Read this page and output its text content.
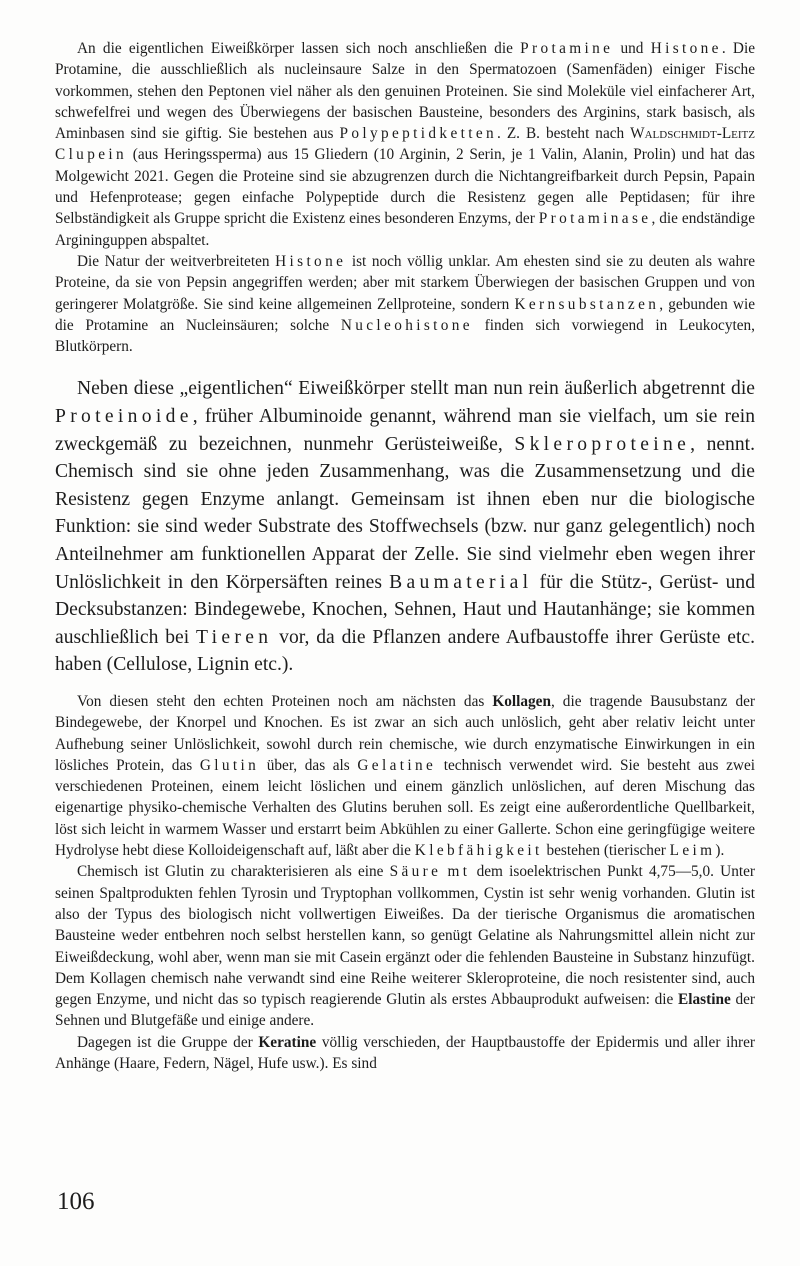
An die eigentlichen Eiweißkörper lassen sich noch anschließen die Protamine und Histone. Die Protamine, die ausschließlich als nucleinsaure Salze in den Spermatozoen (Samenfäden) einiger Fische vorkommen, stehen den Peptonen viel näher als den genuinen Proteinen. Sie sind Moleküle viel einfacherer Art, schwefelfrei und wegen des Überwiegens der basischen Bausteine, besonders des Arginins, stark basisch, als Aminbasen sind sie giftig. Sie bestehen aus Polypeptidketten. Z. B. besteht nach Waldschmidt-Leitz Clupein (aus Heringssperma) aus 15 Gliedern (10 Arginin, 2 Serin, je 1 Valin, Alanin, Prolin) und hat das Molgewicht 2021. Gegen die Proteine sind sie abzugrenzen durch die Nichtangreifbarkeit durch Pepsin, Papain und Hefenprotease; gegen einfache Polypeptide durch die Resistenz gegen alle Peptidasen; für ihre Selbständigkeit als Gruppe spricht die Existenz eines besonderen Enzyms, der Protaminase, die endständige Argininguppen abspaltet.

Die Natur der weitverbreiteten Histone ist noch völlig unklar. Am ehesten sind sie zu deuten als wahre Proteine, da sie von Pepsin angegriffen werden; aber mit starkem Überwiegen der basischen Gruppen und von geringerer Molatgröße. Sie sind keine allgemeinen Zellproteine, sondern Kernsubstanzen, gebunden wie die Protamine an Nucleinsäuren; solche Nucleohistone finden sich vorwiegend in Leukocyten, Blutkörpern.

Neben diese „eigentlichen“ Eiweißkörper stellt man nun rein äußerlich abgetrennt die Proteinoide, früher Albuminoide genannt, während man sie vielfach, um sie rein zweckgemäß zu bezeichnen, nunmehr Gerüsteiweiße, Skleroproteine, nennt. Chemisch sind sie ohne jeden Zusammenhang, was die Zusammensetzung und die Resistenz gegen Enzyme anlangt. Gemeinsam ist ihnen eben nur die biologische Funktion: sie sind weder Substrate des Stoffwechsels (bzw. nur ganz gelegentlich) noch Anteilnehmer am funktionellen Apparat der Zelle. Sie sind vielmehr eben wegen ihrer Unlöslichkeit in den Körpersäften reines Baumaterial für die Stütz-, Gerüst- und Decksubstanzen: Bindegewebe, Knochen, Sehnen, Haut und Hautanhänge; sie kommen auschließlich bei Tieren vor, da die Pflanzen andere Aufbaustoffe ihrer Gerüste etc. haben (Cellulose, Lignin etc.).

Von diesen steht den echten Proteinen noch am nächsten das Kollagen, die tragende Bausubstanz der Bindegewebe, der Knorpel und Knochen. Es ist zwar an sich auch unlöslich, geht aber relativ leicht unter Aufhebung seiner Unlöslichkeit, sowohl durch rein chemische, wie durch enzymatische Einwirkungen in ein lösliches Protein, das Glutin über, das als Gelatine technisch verwendet wird. Sie besteht aus zwei verschiedenen Proteinen, einem leicht löslichen und einem gänzlich unlöslichen, auf deren Mischung das eigenartige physiko-chemische Verhalten des Glutins beruhen soll. Es zeigt eine außerordentliche Quellbarkeit, löst sich leicht in warmem Wasser und erstarrt beim Abkühlen zu einer Gallerte. Schon eine geringfügige weitere Hydrolyse hebt diese Kolloideigenschaft auf, läßt aber die Klebfähigkeit bestehen (tierischer Leim).

Chemisch ist Glutin zu charakterisieren als eine Säure mt dem isoelektrischen Punkt 4,75—5,0. Unter seinen Spaltprodukten fehlen Tyrosin und Tryptophan vollkommen, Cystin ist sehr wenig vorhanden. Glutin ist also der Typus des biologisch nicht vollwertigen Eiweißes. Da der tierische Organismus die aromatischen Bausteine weder entbehren noch selbst herstellen kann, so genügt Gelatine als Nahrungsmittel allein nicht zur Eiweißdeckung, wohl aber, wenn man sie mit Casein ergänzt oder die fehlenden Bausteine in Substanz hinzufügt. Dem Kollagen chemisch nahe verwandt sind eine Reihe weiterer Skleroproteine, die noch resistenter sind, auch gegen Enzyme, und nicht das so typisch reagierende Glutin als erstes Abbauprodukt aufweisen: die Elastine der Sehnen und Blutgefäße und einige andere.

Dagegen ist die Gruppe der Keratine völlig verschieden, der Hauptbaustoffe der Epidermis und aller ihrer Anhänge (Haare, Federn, Nägel, Hufe usw.). Es sind

106
